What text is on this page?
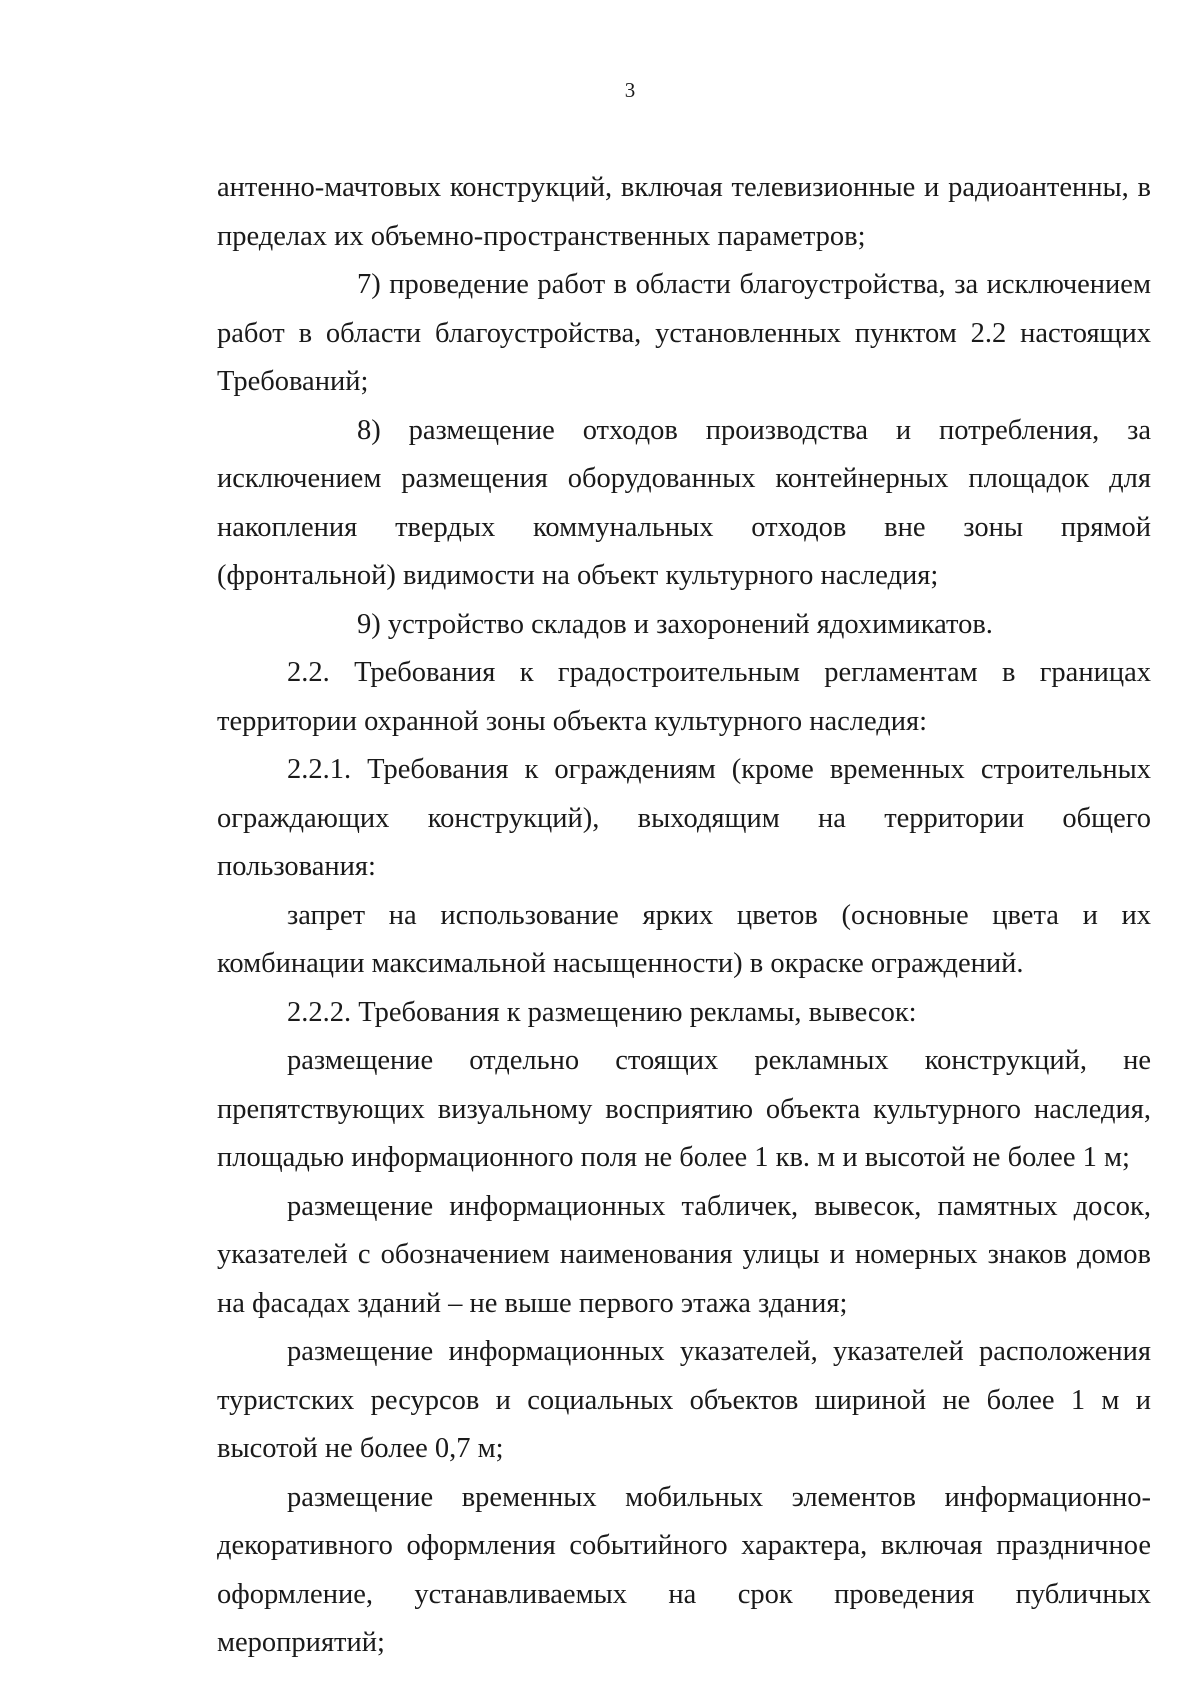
3

антенно-мачтовых конструкций, включая телевизионные и радиоантенны, в пределах их объемно-пространственных параметров;

7) проведение работ в области благоустройства, за исключением работ в области благоустройства, установленных пунктом 2.2 настоящих Требований;

8) размещение отходов производства и потребления, за исключением размещения оборудованных контейнерных площадок для накопления твердых коммунальных отходов вне зоны прямой (фронтальной) видимости на объект культурного наследия;

9) устройство складов и захоронений ядохимикатов.

2.2. Требования к градостроительным регламентам в границах территории охранной зоны объекта культурного наследия:

2.2.1. Требования к ограждениям (кроме временных строительных ограждающих конструкций), выходящим на территории общего пользования:

запрет на использование ярких цветов (основные цвета и их комбинации максимальной насыщенности) в окраске ограждений.

2.2.2. Требования к размещению рекламы, вывесок:

размещение отдельно стоящих рекламных конструкций, не препятствующих визуальному восприятию объекта культурного наследия, площадью информационного поля не более 1 кв. м и высотой не более 1 м;

размещение информационных табличек, вывесок, памятных досок, указателей с обозначением наименования улицы и номерных знаков домов на фасадах зданий – не выше первого этажа здания;

размещение информационных указателей, указателей расположения туристских ресурсов и социальных объектов шириной не более 1 м и высотой не более 0,7 м;

размещение временных мобильных элементов информационно-декоративного оформления событийного характера, включая праздничное оформление, устанавливаемых на срок проведения публичных мероприятий;
